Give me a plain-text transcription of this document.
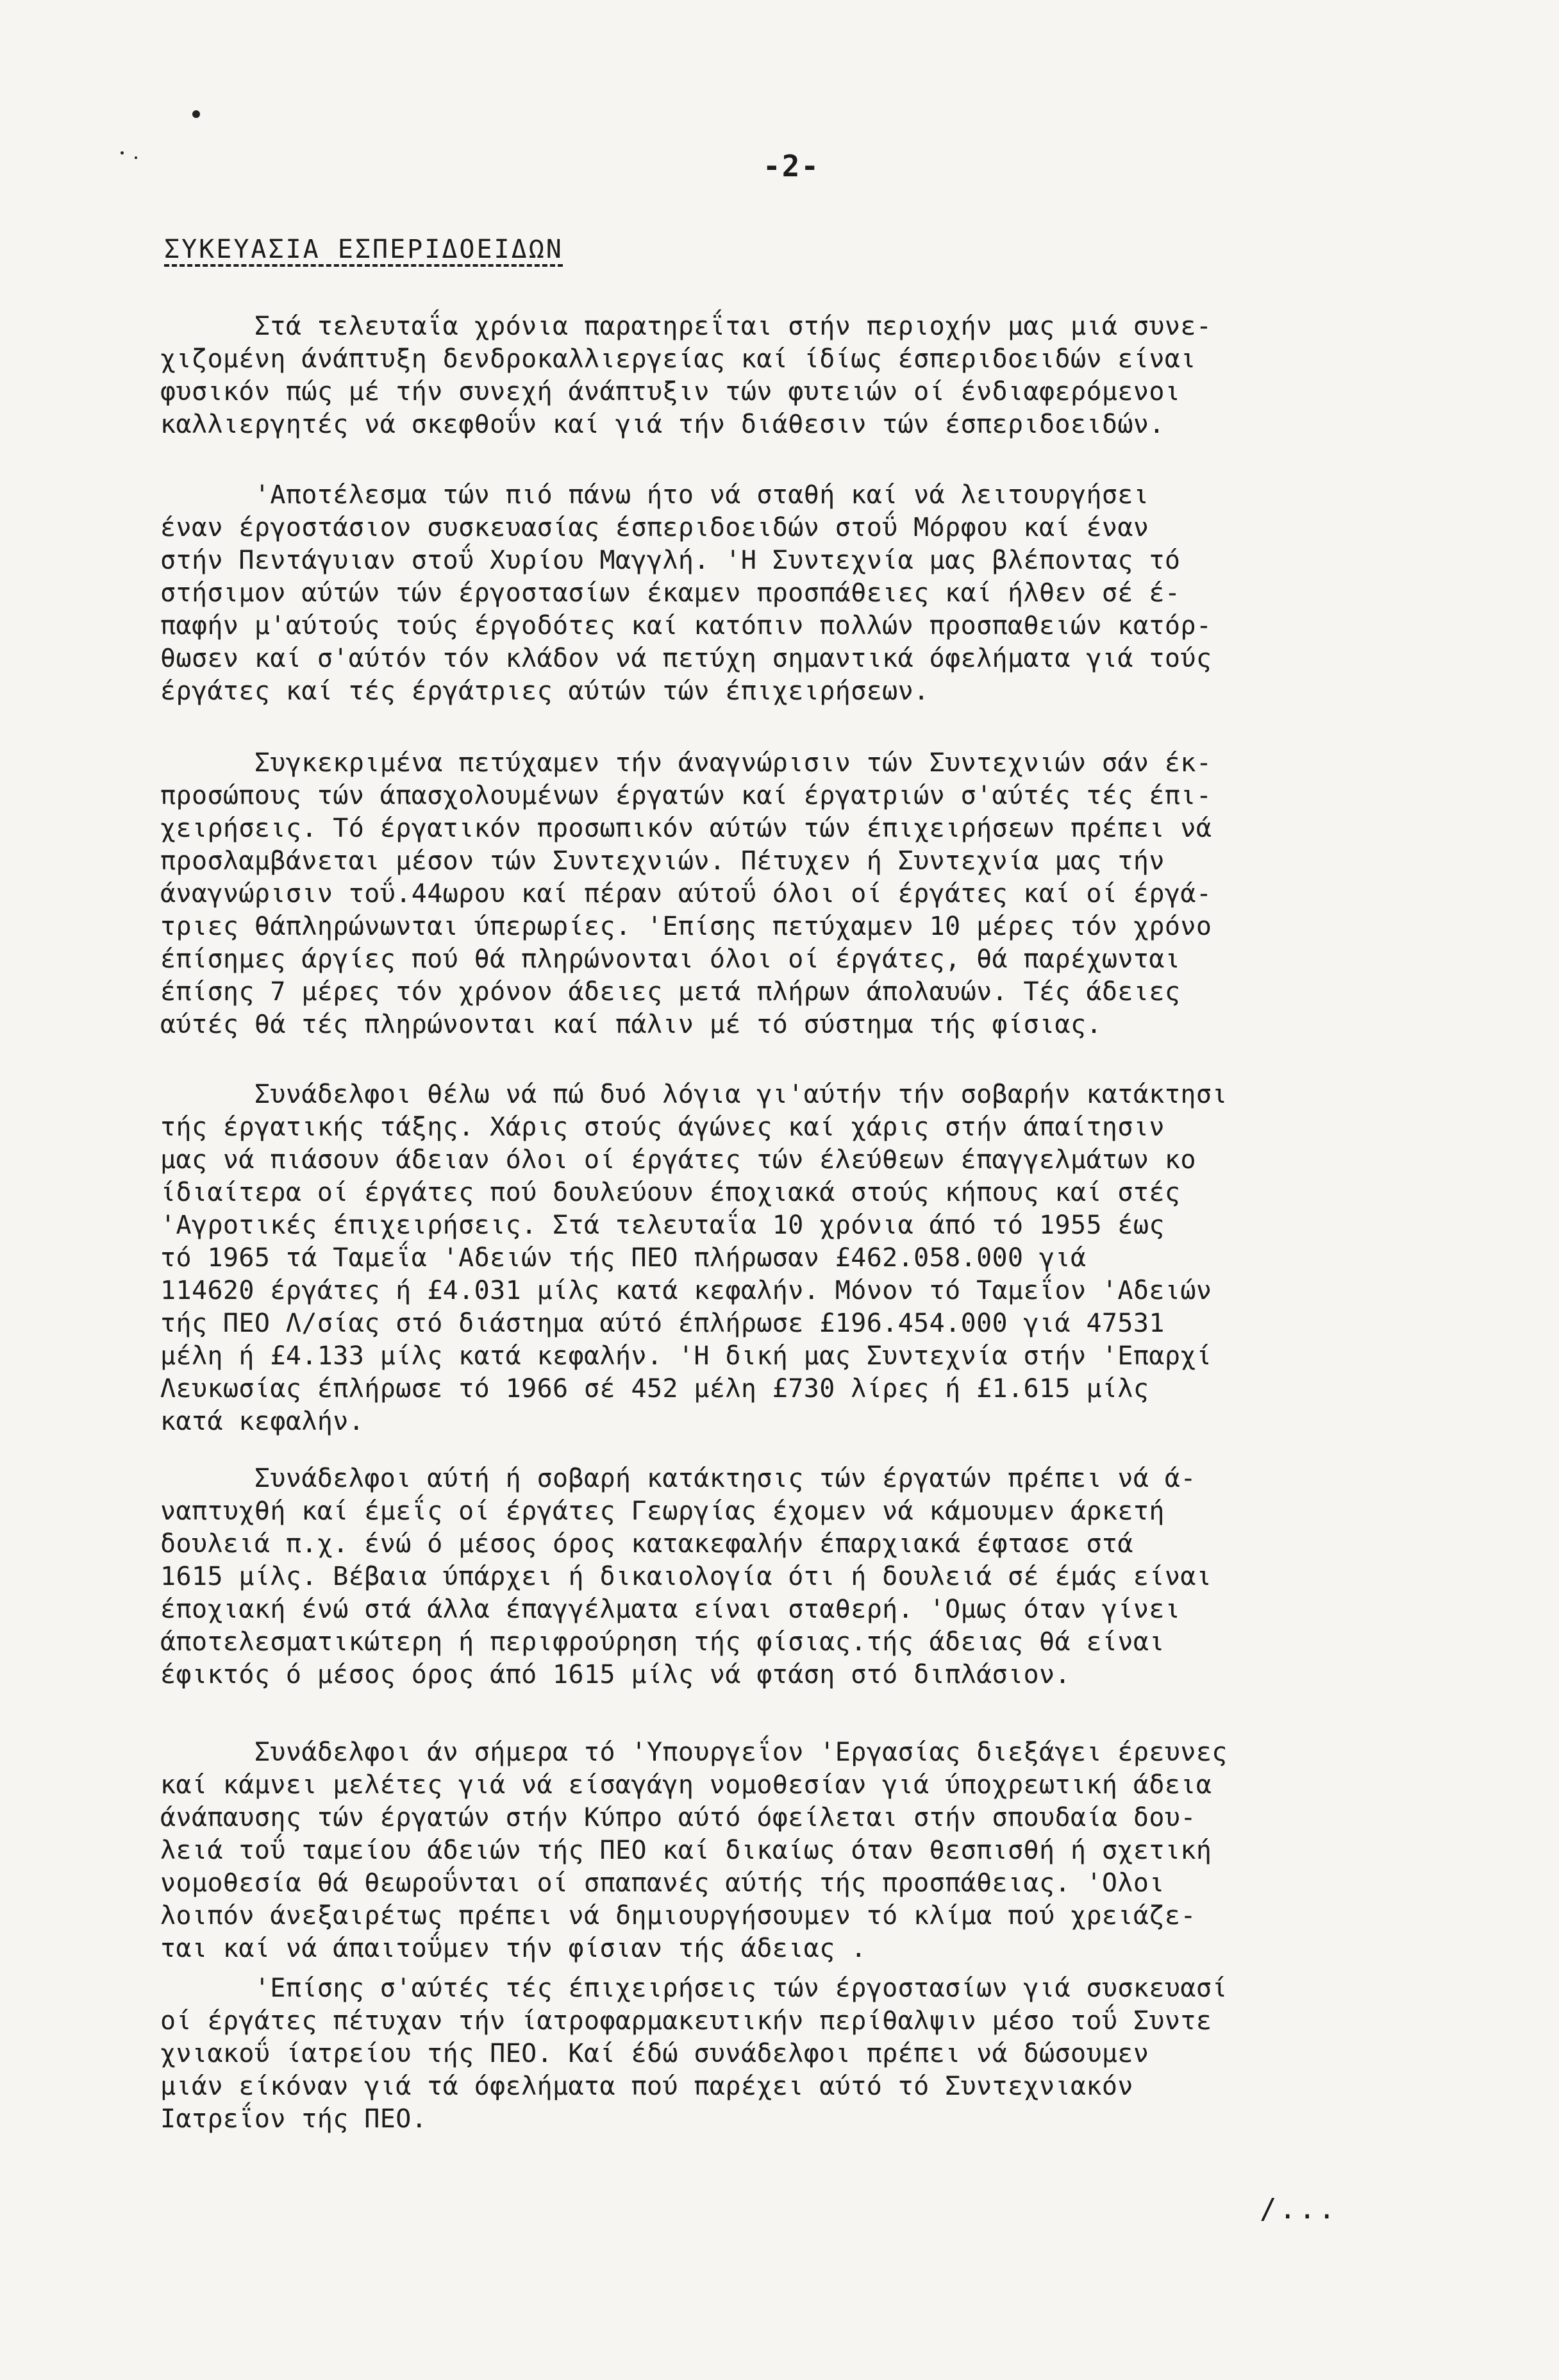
-2-
ΣΥΚΕΥΑΣΙΑ ΕΣΠΕΡΙΔΟΕΙΔΩΝ

Στά τελευταΐα χρόνια παρατηρεΐται στήν περιοχήν μας μιά συνε-
χιζομένη άνάπτυξη δενδροκαλλιεργείας καί ίδίως έσπεριδοειδών είναι
φυσικόν πώς μέ τήν συνεχή άνάπτυξιν τών φυτειών οί ένδιαφερόμενοι
καλλιεργητές νά σκεφθοΰν καί γιά τήν διάθεσιν τών έσπεριδοειδών.

'Αποτέλεσμα τών πιό πάνω ήτο νά σταθή καί νά λειτουργήσει
έναν έργοστάσιον συσκευασίας έσπεριδοειδών στοΰ Μόρφου καί έναν
στήν Πεντάγυιαν στοΰ Χυρίου Μαγγλή. 'Η Συντεχνία μας βλέποντας τό
στήσιμον αύτών τών έργοστασίων έκαμεν προσπάθειες καί ήλθεν σέ έ-
παφήν μ'αύτούς τούς έργοδότες καί κατόπιν πολλών προσπαθειών κατόρ-
θωσεν καί σ'αύτόν τόν κλάδον νά πετύχη σημαντικά όφελήματα γιά τούς
έργάτες καί τές έργάτριες αύτών τών έπιχειρήσεων.

Συγκεκριμένα πετύχαμεν τήν άναγνώρισιν τών Συντεχνιών σάν έκ-
προσώπους τών άπασχολουμένων έργατών καί έργατριών σ'αύτές τές έπι-
χειρήσεις. Τό έργατικόν προσωπικόν αύτών τών έπιχειρήσεων πρέπει νά
προσλαμβάνεται μέσον τών Συντεχνιών. Πέτυχεν ή Συντεχνία μας τήν
άναγνώρισιν τοΰ.44ωρου καί πέραν αύτοΰ όλοι οί έργάτες καί οί έργά-
τριες θάπληρώνωνται ύπερωρίες. 'Επίσης πετύχαμεν 10 μέρες τόν χρόνο
έπίσημες άργίες πού θά πληρώνονται όλοι οί έργάτες, θά παρέχωνται
έπίσης 7 μέρες τόν χρόνον άδειες μετά πλήρων άπολαυών. Τές άδειες
αύτές θά τές πληρώνονται καί πάλιν μέ τό σύστημα τής φίσιας.

Συνάδελφοι θέλω νά πώ δυό λόγια γι'αύτήν τήν σοβαρήν κατάκτησι
τής έργατικής τάξης. Χάρις στούς άγώνες καί χάρις στήν άπαίτησιν
μας νά πιάσουν άδειαν όλοι οί έργάτες τών έλεύθεων έπαγγελμάτων κο
ίδιαίτερα οί έργάτες πού δουλεύουν έποχιακά στούς κήπους καί στές
'Αγροτικές έπιχειρήσεις. Στά τελευταΐα 10 χρόνια άπό τό 1955 έως
τό 1965 τά Ταμεΐα 'Αδειών τής ΠΕΟ πλήρωσαν £462.058.000 γιά
114620 έργάτες ή £4.031 μίλς κατά κεφαλήν. Μόνον τό Ταμεΐον 'Αδειών
τής ΠΕΟ Λ/σίας στό διάστημα αύτό έπλήρωσε £196.454.000 γιά 47531
μέλη ή £4.133 μίλς κατά κεφαλήν. 'Η δική μας Συντεχνία στήν 'Επαρχί
Λευκωσίας έπλήρωσε τό 1966 σέ 452 μέλη £730 λίρες ή £1.615 μίλς
κατά κεφαλήν.

Συνάδελφοι αύτή ή σοβαρή κατάκτησις τών έργατών πρέπει νά ά-
ναπτυχθή καί έμεΐς οί έργάτες Γεωργίας έχομεν νά κάμουμεν άρκετή
δουλειά π.χ. ένώ ό μέσος όρος κατακεφαλήν έπαρχιακά έφτασε στά
1615 μίλς. Βέβαια ύπάρχει ή δικαιολογία ότι ή δουλειά σέ έμάς είναι
έποχιακή ένώ στά άλλα έπαγγέλματα είναι σταθερή. 'Ομως όταν γίνει
άποτελεσματικώτερη ή περιφρούρηση τής φίσιας.τής άδειας θά είναι
έφικτός ό μέσος όρος άπό 1615 μίλς νά φτάση στό διπλάσιον.

Συνάδελφοι άν σήμερα τό 'Υπουργεΐον 'Εργασίας διεξάγει έρευνες
καί κάμνει μελέτες γιά νά είσαγάγη νομοθεσίαν γιά ύποχρεωτική άδεια
άνάπαυσης τών έργατών στήν Κύπρο αύτό όφείλεται στήν σπουδαία δου-
λειά τοΰ ταμείου άδειών τής ΠΕΟ καί δικαίως όταν θεσπισθή ή σχετική
νομοθεσία θά θεωροΰνται οί σπαπανές αύτής τής προσπάθειας. 'Ολοι
λοιπόν άνεξαιρέτως πρέπει νά δημιουργήσουμεν τό κλίμα πού χρειάζε-
ται καί νά άπαιτοΰμεν τήν φίσιαν τής άδειας .

'Επίσης σ'αύτές τές έπιχειρήσεις τών έργοστασίων γιά συσκευασί
οί έργάτες πέτυχαν τήν ίατροφαρμακευτικήν περίθαλψιν μέσο τοΰ Συντε
χνιακοΰ ίατρείου τής ΠΕΟ. Καί έδώ συνάδελφοι πρέπει νά δώσουμεν
μιάν είκόναν γιά τά όφελήματα πού παρέχει αύτό τό Συντεχνιακόν
Ιατρεΐον τής ΠΕΟ.

/...
